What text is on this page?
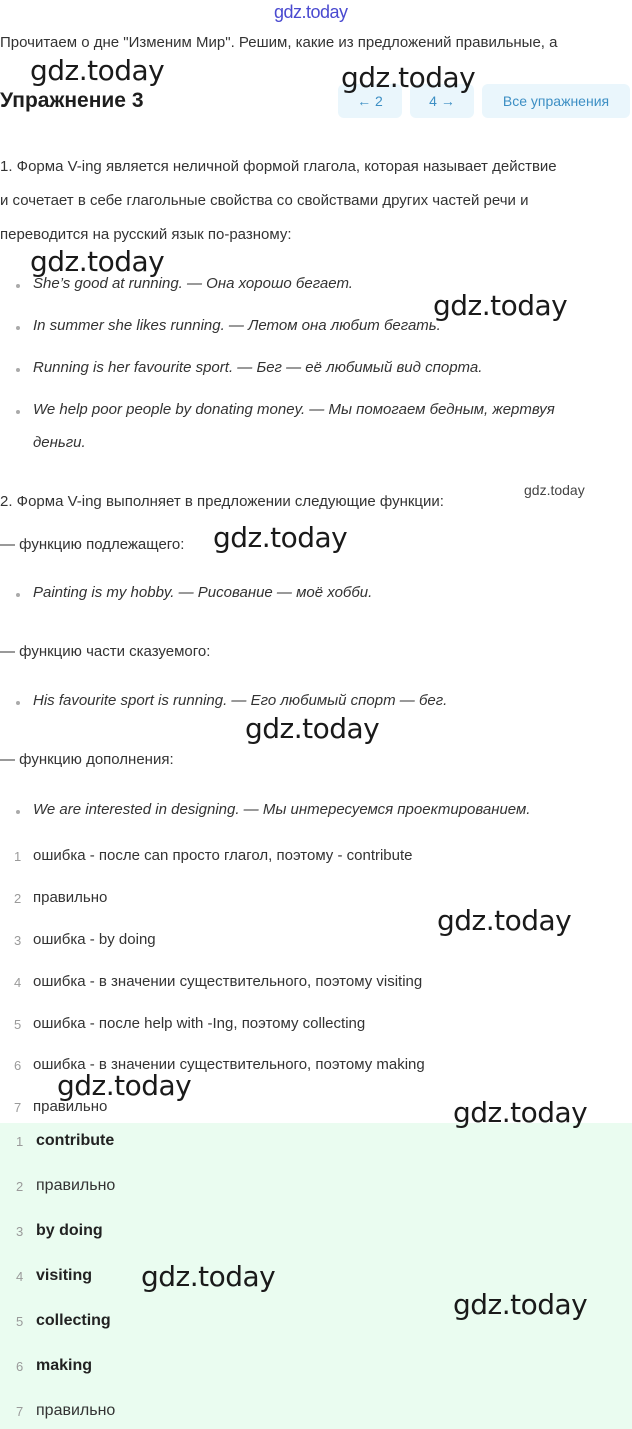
gdz.today
Прочитаем о дне "Изменим Мир". Решим, какие из предложений правильные, а
Упражнение 3	← 2	4 →	Все упражнения
1. Форма V-ing является неличной формой глагола, которая называет действие
и сочетает в себе глагольные свойства со свойствами других частей речи и
переводится на русский язык по-разному:
She’s good at running. — Она хорошо бегает.
In summer she likes running. — Летом она любит бегать.
Running is her favourite sport. — Бег — её любимый вид спорта.
We help poor people by donating money. — Мы помогаем бедным, жертвуя
деньги.
2. Форма V-ing выполняет в предложении следующие функции:
— функцию подлежащего:
Painting is my hobby. — Рисование — моё хобби.
— функцию части сказуемого:
His favourite sport is running. — Его любимый спорт — бег.
— функцию дополнения:
We are interested in designing. — Мы интересуемся проектированием.
1 ошибка - после can просто глагол, поэтому - contribute
2 правильно
3 ошибка - by doing
4 ошибка - в значении существительного, поэтому visiting
5 ошибка - после help with -Ing, поэтому collecting
6 ошибка - в значении существительного, поэтому making
7 правильно
1 contribute
2 правильно
3 by doing
4 visiting
5 collecting
6 making
7 правильно
gdz.today	gdz.today
gdz.today
gdz.today
gdz.today
gdz.today
gdz.today
gdz.today
gdz.today
gdz.today
gdz.today
gdz.today
